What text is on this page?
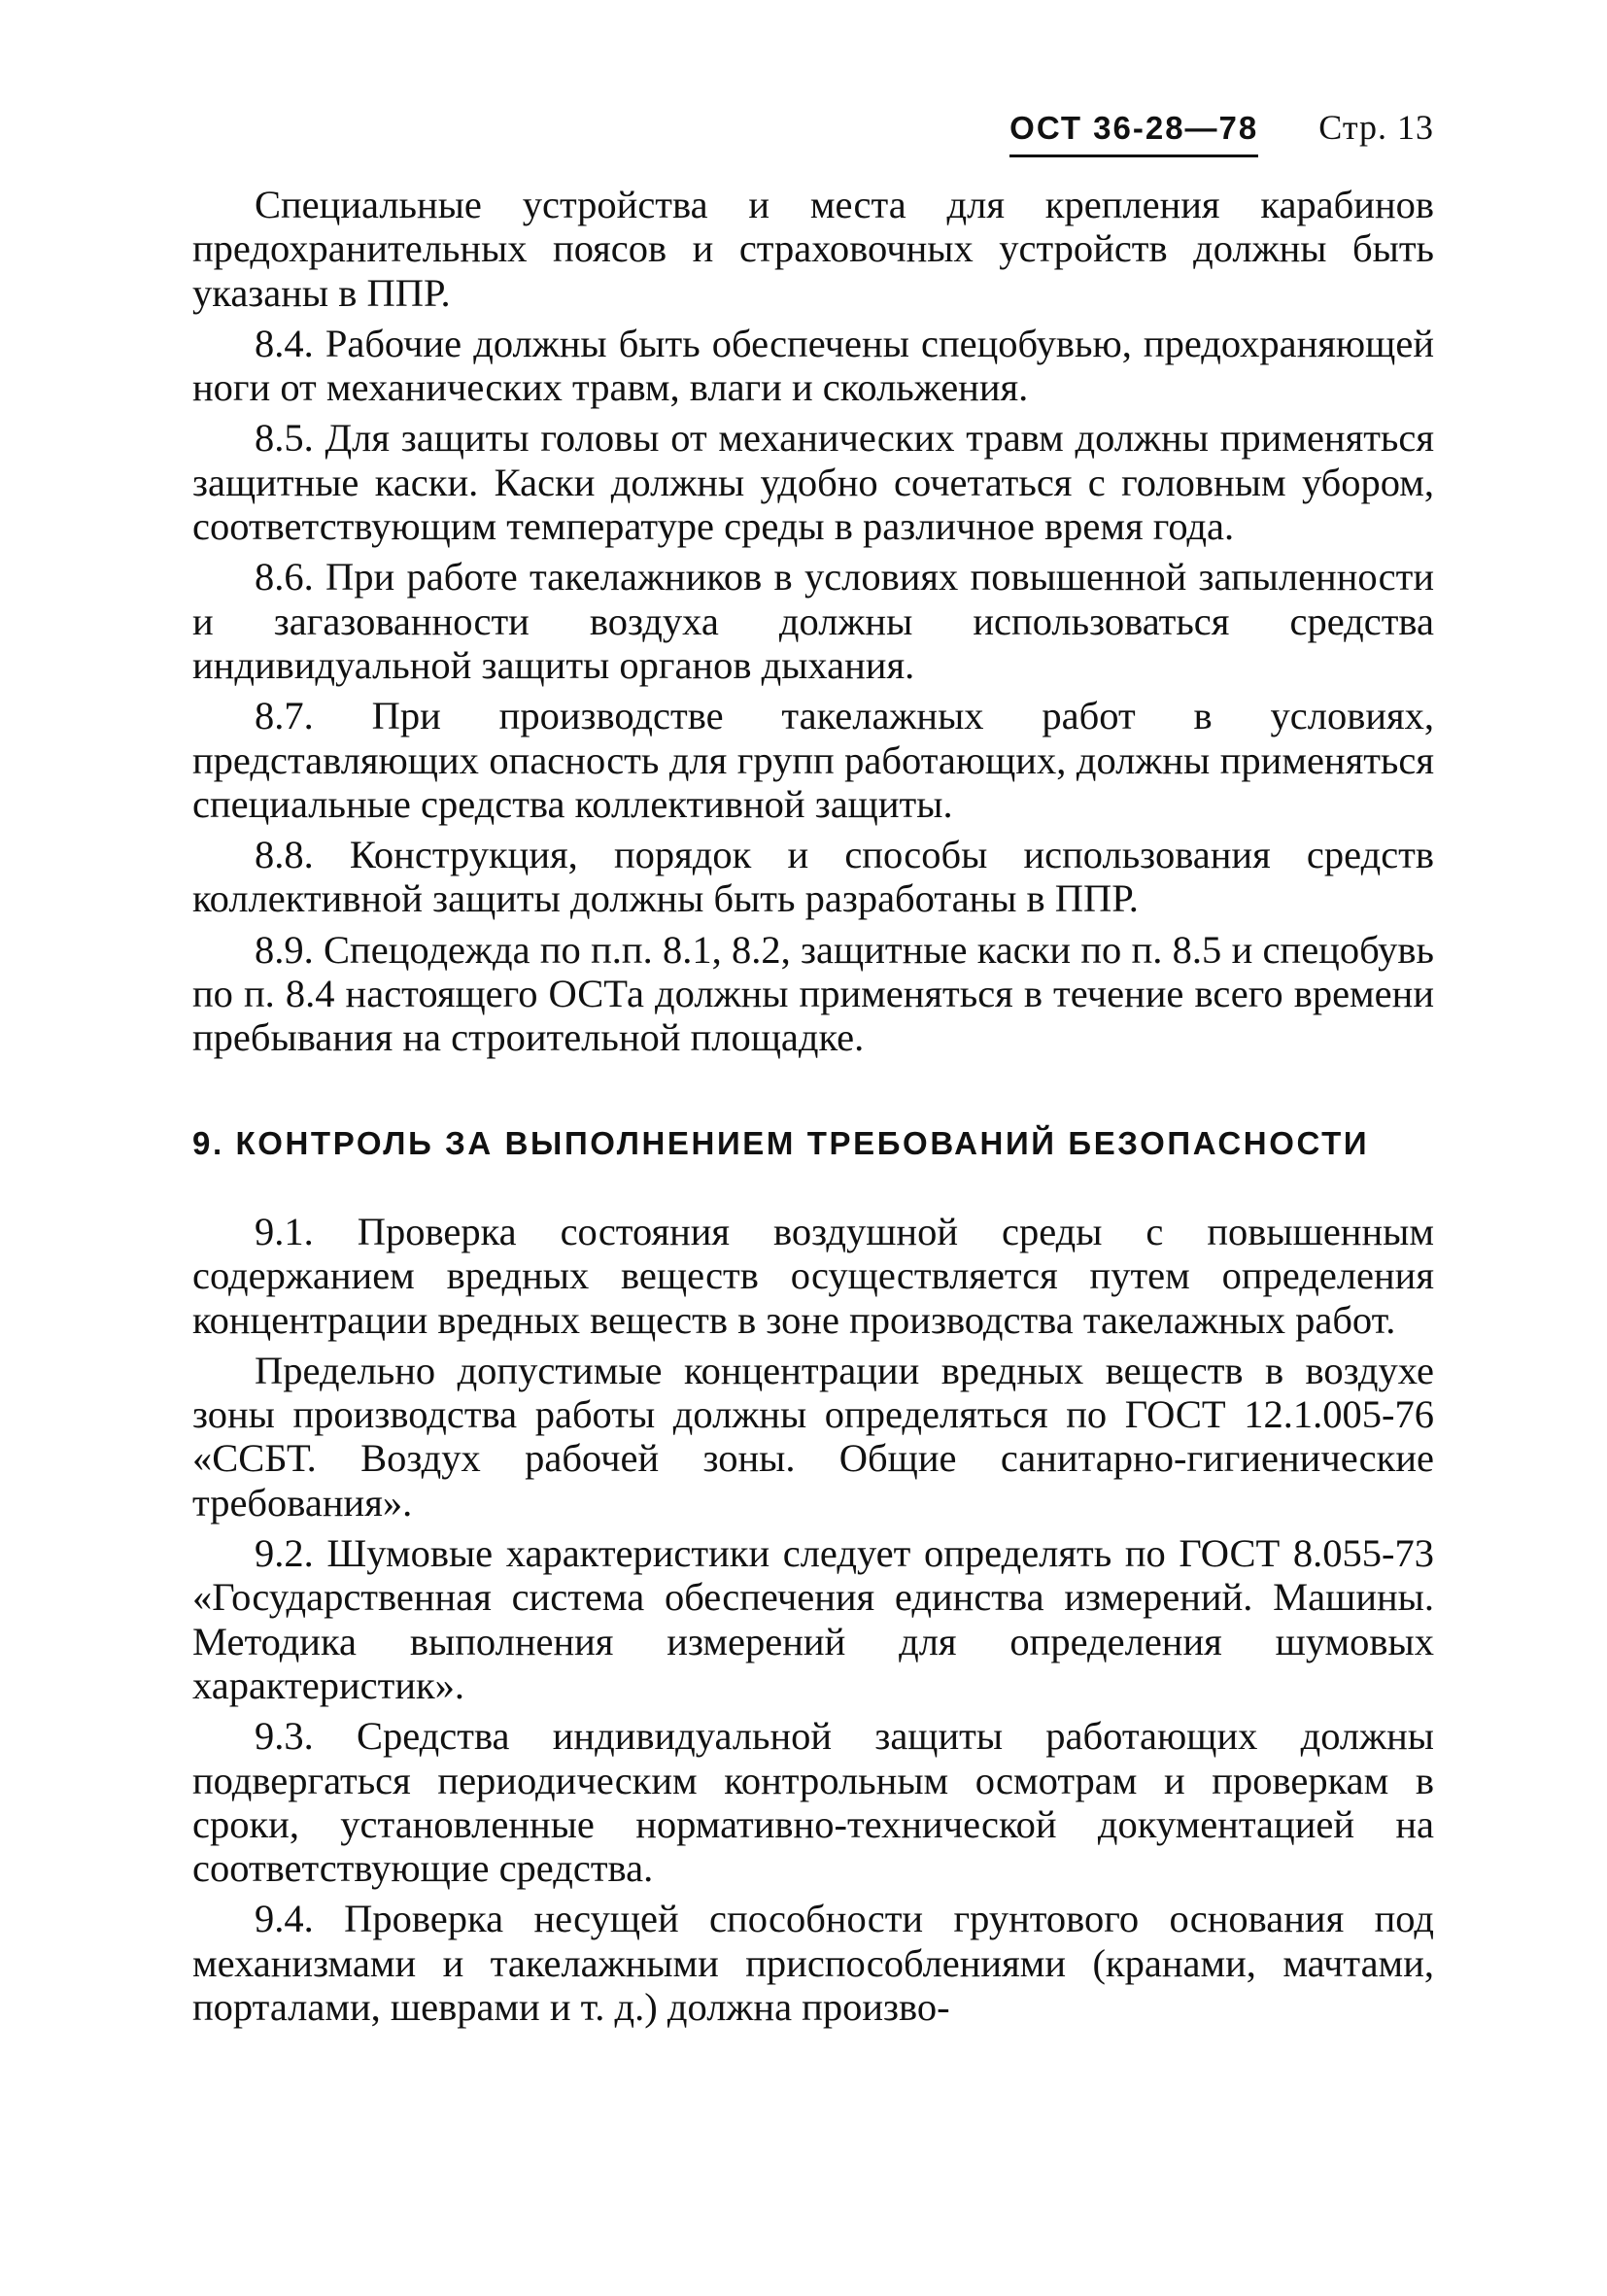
ОСТ 36-28—78 Стр. 13

Специальные устройства и места для крепления карабинов предохранительных поясов и страховочных устройств должны быть указаны в ППР.

8.4. Рабочие должны быть обеспечены спецобувью, предохраняющей ноги от механических травм, влаги и скольжения.

8.5. Для защиты головы от механических травм должны применяться защитные каски. Каски должны удобно сочетаться с головным убором, соответствующим температуре среды в различное время года.

8.6. При работе такелажников в условиях повышенной запыленности и загазованности воздуха должны использоваться средства индивидуальной защиты органов дыхания.

8.7. При производстве такелажных работ в условиях, представляющих опасность для групп работающих, должны применяться специальные средства коллективной защиты.

8.8. Конструкция, порядок и способы использования средств коллективной защиты должны быть разработаны в ППР.

8.9. Спецодежда по п.п. 8.1, 8.2, защитные каски по п. 8.5 и спецобувь по п. 8.4 настоящего ОСТа должны применяться в течение всего времени пребывания на строительной площадке.

9. КОНТРОЛЬ ЗА ВЫПОЛНЕНИЕМ ТРЕБОВАНИЙ БЕЗОПАСНОСТИ

9.1. Проверка состояния воздушной среды с повышенным содержанием вредных веществ осуществляется путем определения концентрации вредных веществ в зоне производства такелажных работ.

Предельно допустимые концентрации вредных веществ в воздухе зоны производства работы должны определяться по ГОСТ 12.1.005-76 «ССБТ. Воздух рабочей зоны. Общие санитарно-гигиенические требования».

9.2. Шумовые характеристики следует определять по ГОСТ 8.055-73 «Государственная система обеспечения единства измерений. Машины. Методика выполнения измерений для определения шумовых характеристик».

9.3. Средства индивидуальной защиты работающих должны подвергаться периодическим контрольным осмотрам и проверкам в сроки, установленные нормативно-технической документацией на соответствующие средства.

9.4. Проверка несущей способности грунтового основания под механизмами и такелажными приспособлениями (кранами, мачтами, порталами, шеврами и т. д.) должна произво-
